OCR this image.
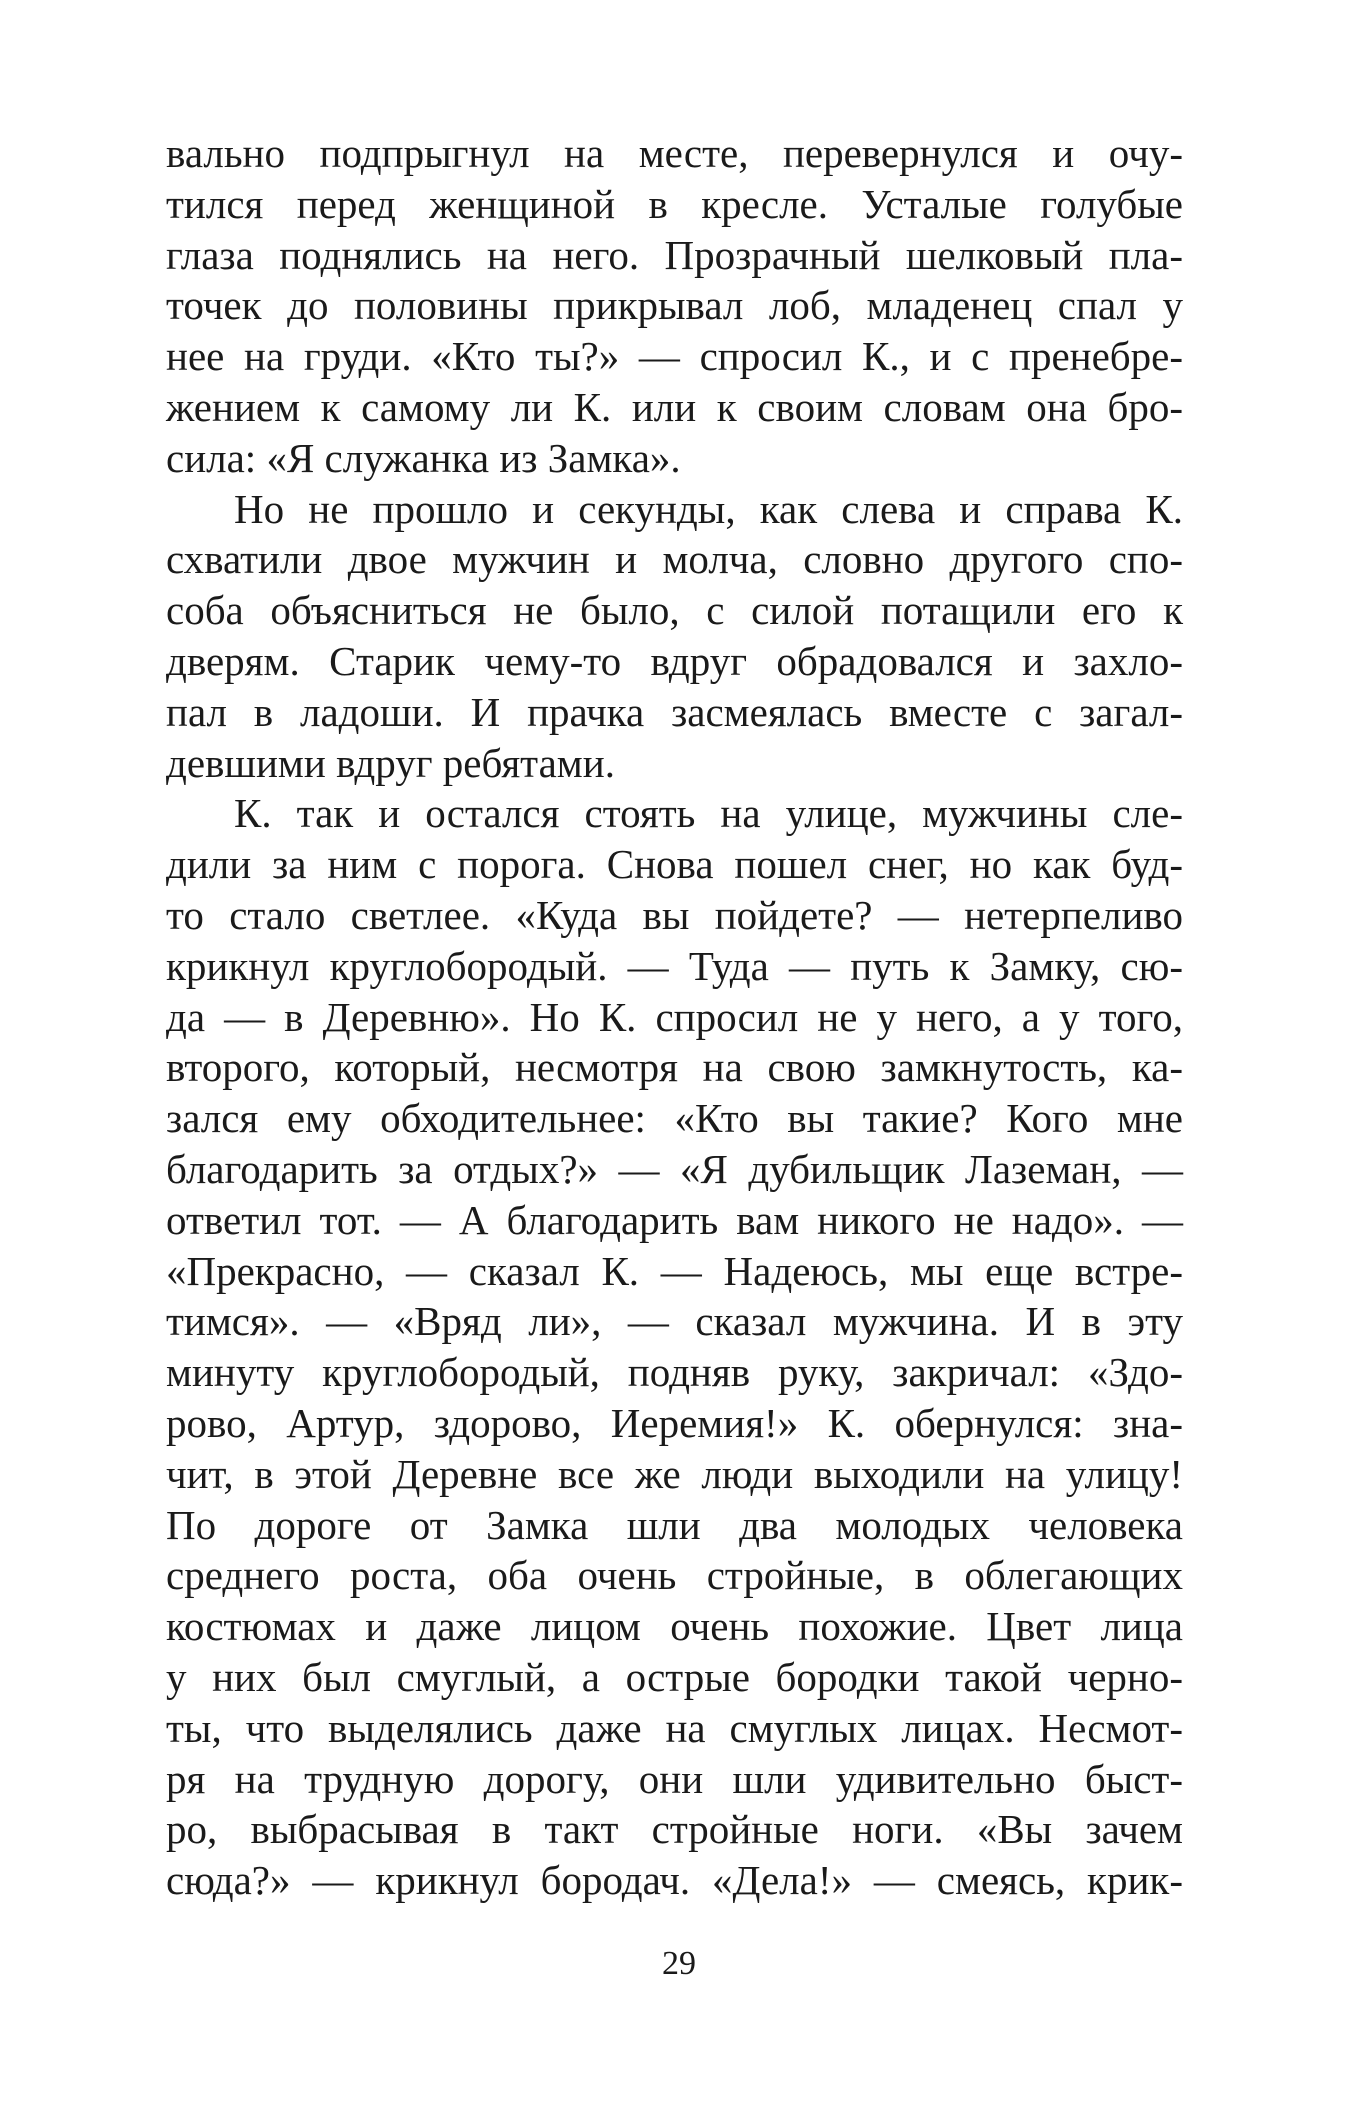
вально подпрыгнул на месте, перевернулся и очу-
тился перед женщиной в кресле. Усталые голубые
глаза поднялись на него. Прозрачный шелковый пла-
точек до половины прикрывал лоб, младенец спал у
нее на груди. «Кто ты?» — спросил К., и с пренебре-
жением к самому ли К. или к своим словам она бро-
сила: «Я служанка из Замка».
Но не прошло и секунды, как слева и справа К.
схватили двое мужчин и молча, словно другого спо-
соба объясниться не было, с силой потащили его к
дверям. Старик чему-то вдруг обрадовался и захло-
пал в ладоши. И прачка засмеялась вместе с загал-
девшими вдруг ребятами.
К. так и остался стоять на улице, мужчины сле-
дили за ним с порога. Снова пошел снег, но как буд-
то стало светлее. «Куда вы пойдете? — нетерпеливо
крикнул круглобородый. — Туда — путь к Замку, сю-
да — в Деревню». Но К. спросил не у него, а у того,
второго, который, несмотря на свою замкнутость, ка-
зался ему обходительнее: «Кто вы такие? Кого мне
благодарить за отдых?» — «Я дубильщик Лаземан, —
ответил тот. — А благодарить вам никого не надо». —
«Прекрасно, — сказал К. — Надеюсь, мы еще встре-
тимся». — «Вряд ли», — сказал мужчина. И в эту
минуту круглобородый, подняв руку, закричал: «Здо-
рово, Артур, здорово, Иеремия!» К. обернулся: зна-
чит, в этой Деревне все же люди выходили на улицу!
По дороге от Замка шли два молодых человека
среднего роста, оба очень стройные, в облегающих
костюмах и даже лицом очень похожие. Цвет лица
у них был смуглый, а острые бородки такой черно-
ты, что выделялись даже на смуглых лицах. Несмот-
ря на трудную дорогу, они шли удивительно быст-
ро, выбрасывая в такт стройные ноги. «Вы зачем
сюда?» — крикнул бородач. «Дела!» — смеясь, крик-
29
